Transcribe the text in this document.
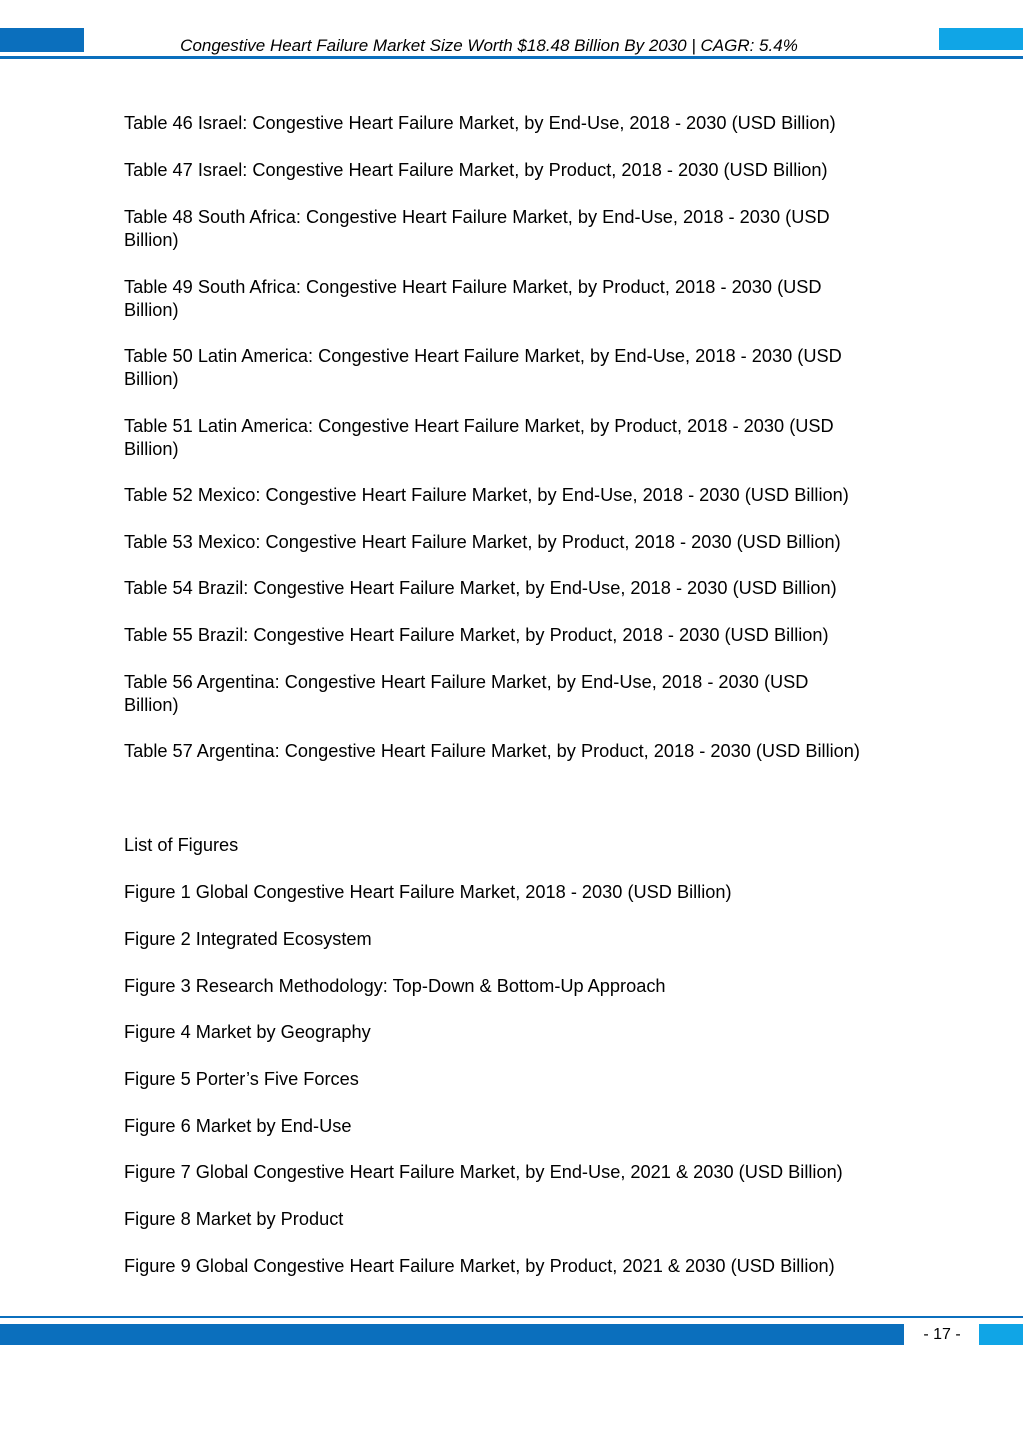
Congestive Heart Failure Market Size Worth $18.48 Billion By 2030 | CAGR: 5.4%
Table 46 Israel: Congestive Heart Failure Market, by End-Use, 2018 - 2030 (USD Billion)
Table 47 Israel: Congestive Heart Failure Market, by Product, 2018 - 2030 (USD Billion)
Table 48 South Africa: Congestive Heart Failure Market, by End-Use, 2018 - 2030 (USD
Billion)
Table 49 South Africa: Congestive Heart Failure Market, by Product, 2018 - 2030 (USD
Billion)
Table 50 Latin America: Congestive Heart Failure Market, by End-Use, 2018 - 2030 (USD
Billion)
Table 51 Latin America: Congestive Heart Failure Market, by Product, 2018 - 2030 (USD
Billion)
Table 52 Mexico: Congestive Heart Failure Market, by End-Use, 2018 - 2030 (USD Billion)
Table 53 Mexico: Congestive Heart Failure Market, by Product, 2018 - 2030 (USD Billion)
Table 54 Brazil: Congestive Heart Failure Market, by End-Use, 2018 - 2030 (USD Billion)
Table 55 Brazil: Congestive Heart Failure Market, by Product, 2018 - 2030 (USD Billion)
Table 56 Argentina: Congestive Heart Failure Market, by End-Use, 2018 - 2030 (USD
Billion)
Table 57 Argentina: Congestive Heart Failure Market, by Product, 2018 - 2030 (USD Billion)
List of Figures
Figure 1 Global Congestive Heart Failure Market, 2018 - 2030 (USD Billion)
Figure 2 Integrated Ecosystem
Figure 3 Research Methodology: Top-Down & Bottom-Up Approach
Figure 4 Market by Geography
Figure 5 Porter’s Five Forces
Figure 6 Market by End-Use
Figure 7 Global Congestive Heart Failure Market, by End-Use, 2021 & 2030 (USD Billion)
Figure 8 Market by Product
Figure 9 Global Congestive Heart Failure Market, by Product, 2021 & 2030 (USD Billion)
- 17 -
